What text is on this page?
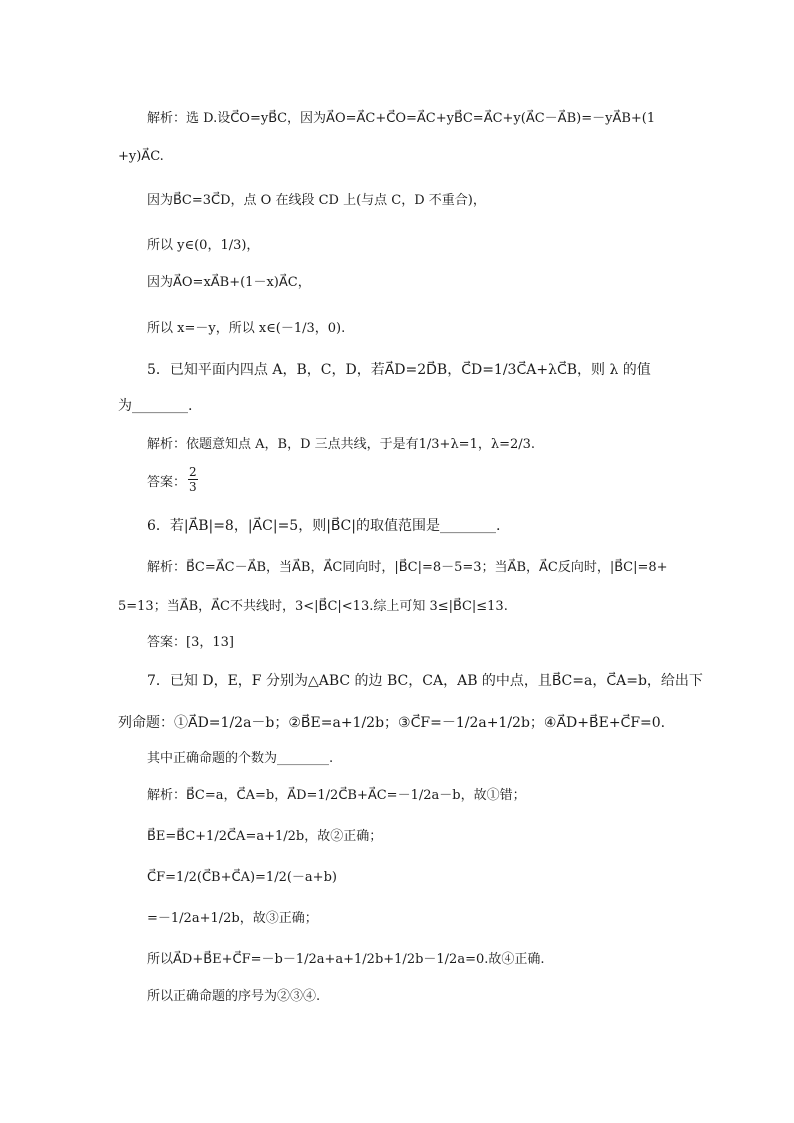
解析：选 D.设C⃗O=yB⃗C，因为A⃗O=A⃗C+C⃗O=A⃗C+yB⃗C=A⃗C+y(A⃗C－A⃗B)=－yA⃗B+(1
+y)A⃗C.
因为B⃗C=3C⃗D，点 O 在线段 CD 上(与点 C，D 不重合)，
所以 y∈(0，1/3)，
因为A⃗O=xA⃗B+(1－x)A⃗C，
所以 x=－y，所以 x∈(－1/3，0).
5．已知平面内四点 A，B，C，D，若A⃗D=2D⃗B，C⃗D=1/3C⃗A+λC⃗B，则 λ 的值
为________.
解析：依题意知点 A，B，D 三点共线，于是有1/3+λ=1，λ=2/3.
答案： $\frac{2}{3}$
6．若|A⃗B|=8，|A⃗C|=5，则|B⃗C|的取值范围是________.
解析：B⃗C=A⃗C－A⃗B，当A⃗B，A⃗C同向时，|B⃗C|=8－5=3；当A⃗B，A⃗C反向时，|B⃗C|=8+
5=13；当A⃗B，A⃗C不共线时，3<|B⃗C|<13.综上可知 3≤|B⃗C|≤13.
答案：[3，13]
7．已知 D，E，F 分别为△ABC 的边 BC，CA，AB 的中点，且B⃗C=a，C⃗A=b，给出下
列命题：①A⃗D=1/2a－b；②B⃗E=a+1/2b；③C⃗F=－1/2a+1/2b；④A⃗D+B⃗E+C⃗F=0.
其中正确命题的个数为________.
解析：B⃗C=a，C⃗A=b，A⃗D=1/2C⃗B+A⃗C=－1/2a－b，故①错；
B⃗E=B⃗C+1/2C⃗A=a+1/2b，故②正确；
C⃗F=1/2(C⃗B+C⃗A)=1/2(－a+b)
=－1/2a+1/2b，故③正确；
所以A⃗D+B⃗E+C⃗F=－b－1/2a+a+1/2b+1/2b－1/2a=0.故④正确.
所以正确命题的序号为②③④.
